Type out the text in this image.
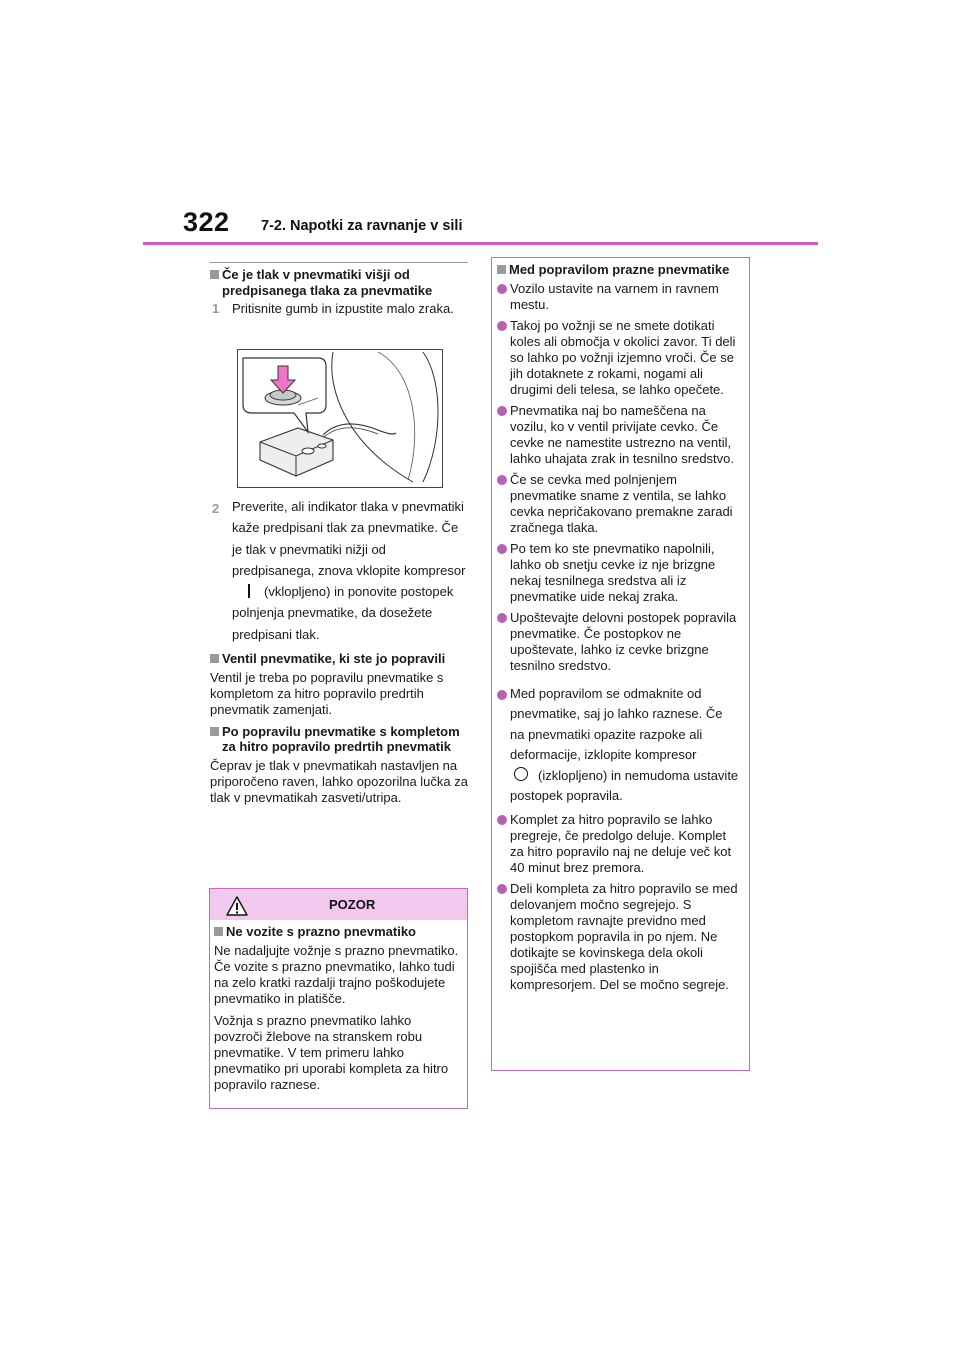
322 7-2. Napotki za ravnanje v sili
Če je tlak v pnevmatiki višji od predpisanega tlaka za pnevmatike
1 Pritisnite gumb in izpustite malo zraka.
2 Preverite, ali indikator tlaka v pnevmatiki kaže predpisani tlak za pnevmatike. Če je tlak v pnevmatiki nižji od predpisanega, znova vklopite kompresor(vklopljeno) in ponovite postopek polnjenja pnevmatike, da dosežete predpisani tlak.
Ventil pnevmatike, ki ste jo popravili
Ventil je treba po popravilu pnevmatike s kompletom za hitro popravilo predrtih pnevmatik zamenjati.
Po popravilu pnevmatike s kompletom za hitro popravilo predrtih pnevmatik
Čeprav je tlak v pnevmatikah nastavljen na priporočeno raven, lahko opozorilna lučka za tlak v pnevmatikah zasveti/utripa.
POZOR
Ne vozite s prazno pnevmatiko
Ne nadaljujte vožnje s prazno pnevmatiko.
Če vozite s prazno pnevmatiko, lahko tudi na zelo kratki razdalji trajno poškodujete pnevmatiko in platišče.
Vožnja s prazno pnevmatiko lahko povzroči žlebove na stranskem robu pnevmatike. V tem primeru lahko pnevmatiko pri uporabi kompleta za hitro popravilo raznese.
Med popravilom prazne pnevmatike
Vozilo ustavite na varnem in ravnem mestu.
Takoj po vožnji se ne smete dotikati koles ali območja v okolici zavor. Ti deli so lahko po vožnji izjemno vroči. Če se jih dotaknete z rokami, nogami ali drugimi deli telesa, se lahko opečete.
Pnevmatika naj bo nameščena na vozilu, ko v ventil privijate cevko. Če cevke ne namestite ustrezno na ventil, lahko uhajata zrak in tesnilno sredstvo.
Če se cevka med polnjenjem pnevmatike sname z ventila, se lahko cevka nepričakovano premakne zaradi zračnega tlaka.
Po tem ko ste pnevmatiko napolnili, lahko ob snetju cevke iz nje brizgne nekaj tesnilnega sredstva ali iz pnevmatike uide nekaj zraka.
Upoštevajte delovni postopek popravila pnevmatike. Če postopkov ne upoštevate, lahko iz cevke brizgne tesnilno sredstvo.
Med popravilom se odmaknite od pnevmatike, saj jo lahko raznese. Če na pnevmatiki opazite razpoke ali deformacije, izklopite kompresor
(izklopljeno) in nemudoma ustavite postopek popravila.
Komplet za hitro popravilo se lahko pregreje, če predolgo deluje. Komplet za hitro popravilo naj ne deluje več kot 40 minut brez premora.
Deli kompleta za hitro popravilo se med delovanjem močno segrejejo. S kompletom ravnajte previdno med postopkom popravila in po njem. Ne dotikajte se kovinskega dela okoli spojišča med plastenko in kompresorjem. Del se močno segreje.
